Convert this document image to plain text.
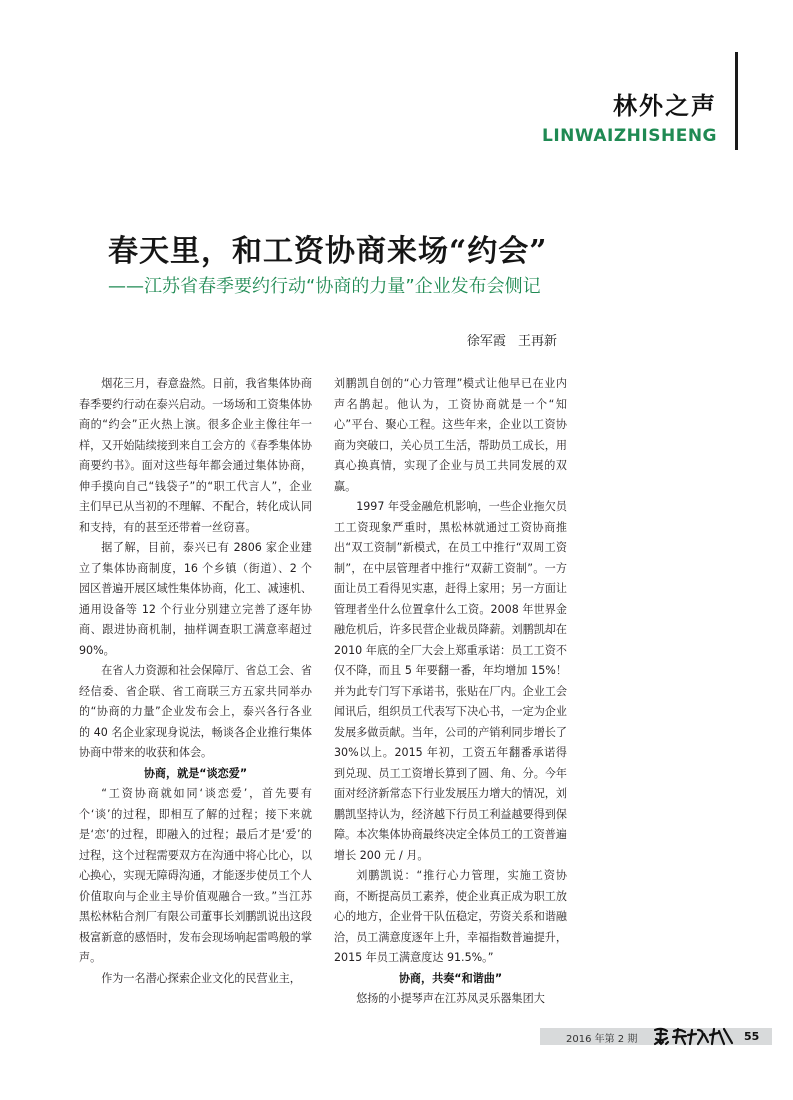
林外之声
LINWAIZHISHENG
春天里，和工资协商来场“约会”
——江苏省春季要约行动“协商的力量”企业发布会侧记
徐军霞 王再新

烟花三月，春意盎然。日前，我省集体协商春季要约行动在泰兴启动。一场场和工资集体协商的“约会”正火热上演。很多企业主像往年一样，又开始陆续接到来自工会方的《春季集体协商要约书》。面对这些每年都会通过集体协商，伸手摸向自己“钱袋子”的“职工代言人”，企业主们早已从当初的不理解、不配合，转化成认同和支持，有的甚至还带着一丝窃喜。

据了解，目前，泰兴已有 2806 家企业建立了集体协商制度，16 个乡镇（街道）、2 个园区普遍开展区域性集体协商，化工、减速机、通用设备等 12 个行业分别建立完善了逐年协商、跟进协商机制，抽样调查职工满意率超过 90%。

在省人力资源和社会保障厅、省总工会、省经信委、省企联、省工商联三方五家共同举办的“协商的力量”企业发布会上，泰兴各行各业的 40 名企业家现身说法，畅谈各企业推行集体协商中带来的收获和体会。

协商，就是“谈恋爱”

“工资协商就如同‘谈恋爱’，首先要有个‘谈’的过程，即相互了解的过程；接下来就是‘恋’的过程，即融入的过程；最后才是‘爱’的过程，这个过程需要双方在沟通中将心比心，以心换心，实现无障碍沟通，才能逐步使员工个人价值取向与企业主导价值观融合一致。”当江苏黑松林粘合剂厂有限公司董事长刘鹏凯说出这段极富新意的感悟时，发布会现场响起雷鸣般的掌声。

作为一名潜心探索企业文化的民营业主，

刘鹏凯自创的“心力管理”模式让他早已在业内声名鹊起。他认为，工资协商就是一个“知心”平台、聚心工程。这些年来，企业以工资协商为突破口，关心员工生活，帮助员工成长，用真心换真情，实现了企业与员工共同发展的双赢。

1997 年受金融危机影响，一些企业拖欠员工工资现象严重时，黑松林就通过工资协商推出“双工资制”新模式，在员工中推行“双周工资制”，在中层管理者中推行“双薪工资制”。一方面让员工看得见实惠，赶得上家用；另一方面让管理者坐什么位置拿什么工资。2008 年世界金融危机后，许多民营企业裁员降薪。刘鹏凯却在 2010 年底的全厂大会上郑重承诺：员工工资不仅不降，而且 5 年要翻一番，年均增加 15%！并为此专门写下承诺书，张贴在厂内。企业工会闻讯后，组织员工代表写下决心书，一定为企业发展多做贡献。当年，公司的产销利同步增长了 30%以上。2015 年初，工资五年翻番承诺得到兑现、员工工资增长算到了圆、角、分。今年面对经济新常态下行业发展压力增大的情况，刘鹏凯坚持认为，经济越下行员工利益越要得到保障。本次集体协商最终决定全体员工的工资普遍增长 200 元 / 月。

刘鹏凯说：“推行心力管理，实施工资协商，不断提高员工素养，使企业真正成为职工放心的地方，企业骨干队伍稳定，劳资关系和谐融洽，员工满意度逐年上升，幸福指数普遍提升，2015 年员工满意度达 91.5%。”

协商，共奏“和谐曲”

悠扬的小提琴声在江苏凤灵乐器集团大

2016 年第 2 期	55
